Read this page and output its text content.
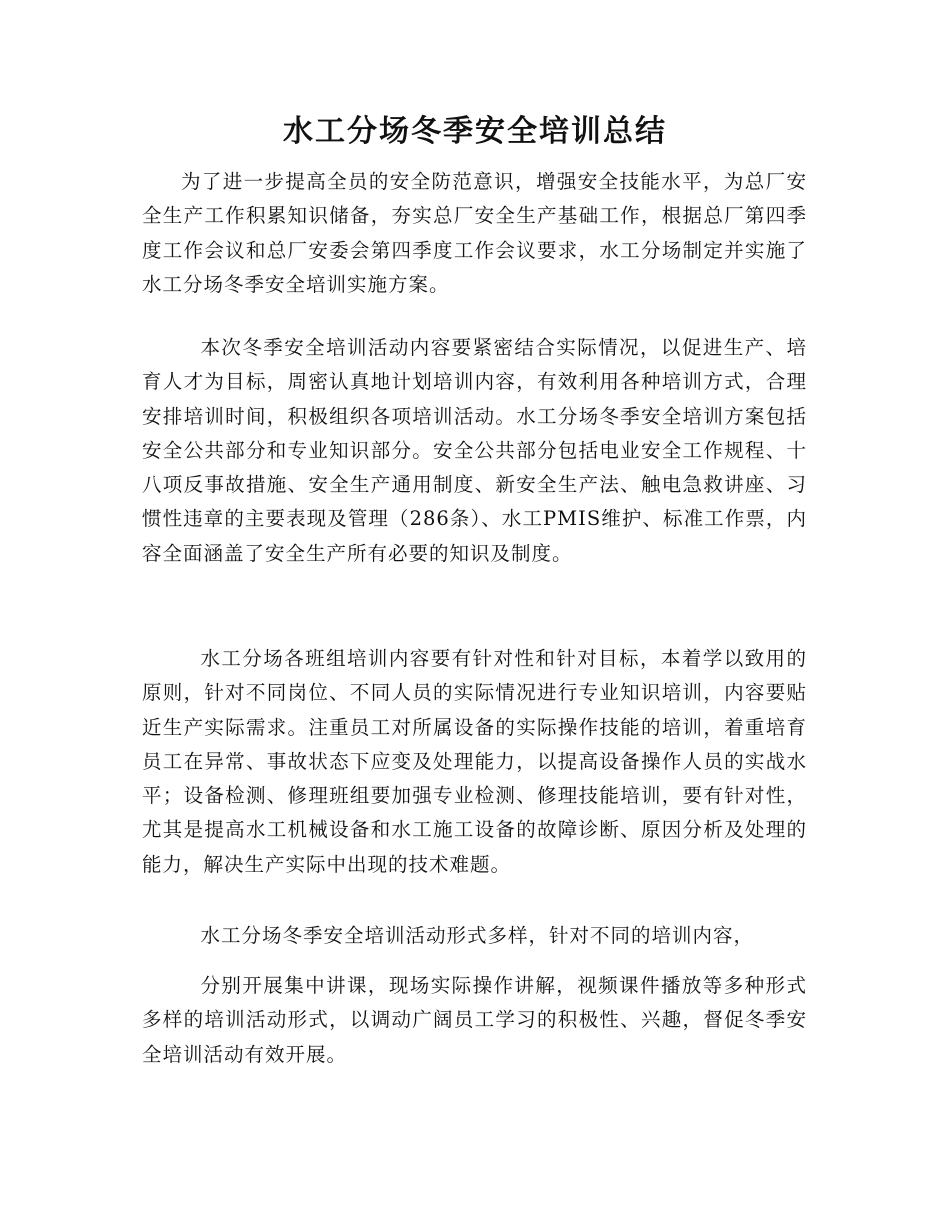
水工分场冬季安全培训总结

为了进一步提高全员的安全防范意识，增强安全技能水平，为总厂安全生产工作积累知识储备，夯实总厂安全生产基础工作，根据总厂第四季度工作会议和总厂安委会第四季度工作会议要求，水工分场制定并实施了水工分场冬季安全培训实施方案。

本次冬季安全培训活动内容要紧密结合实际情况，以促进生产、培育人才为目标，周密认真地计划培训内容，有效利用各种培训方式，合理安排培训时间，积极组织各项培训活动。水工分场冬季安全培训方案包括安全公共部分和专业知识部分。安全公共部分包括电业安全工作规程、十八项反事故措施、安全生产通用制度、新安全生产法、触电急救讲座、习惯性违章的主要表现及管理（286条）、水工PMIS维护、标准工作票，内容全面涵盖了安全生产所有必要的知识及制度。

水工分场各班组培训内容要有针对性和针对目标，本着学以致用的原则，针对不同岗位、不同人员的实际情况进行专业知识培训，内容要贴近生产实际需求。注重员工对所属设备的实际操作技能的培训，着重培育员工在异常、事故状态下应变及处理能力，以提高设备操作人员的实战水平；设备检测、修理班组要加强专业检测、修理技能培训，要有针对性，尤其是提高水工机械设备和水工施工设备的故障诊断、原因分析及处理的能力，解决生产实际中出现的技术难题。

水工分场冬季安全培训活动形式多样，针对不同的培训内容，

分别开展集中讲课，现场实际操作讲解，视频课件播放等多种形式多样的培训活动形式，以调动广阔员工学习的积极性、兴趣，督促冬季安全培训活动有效开展。
